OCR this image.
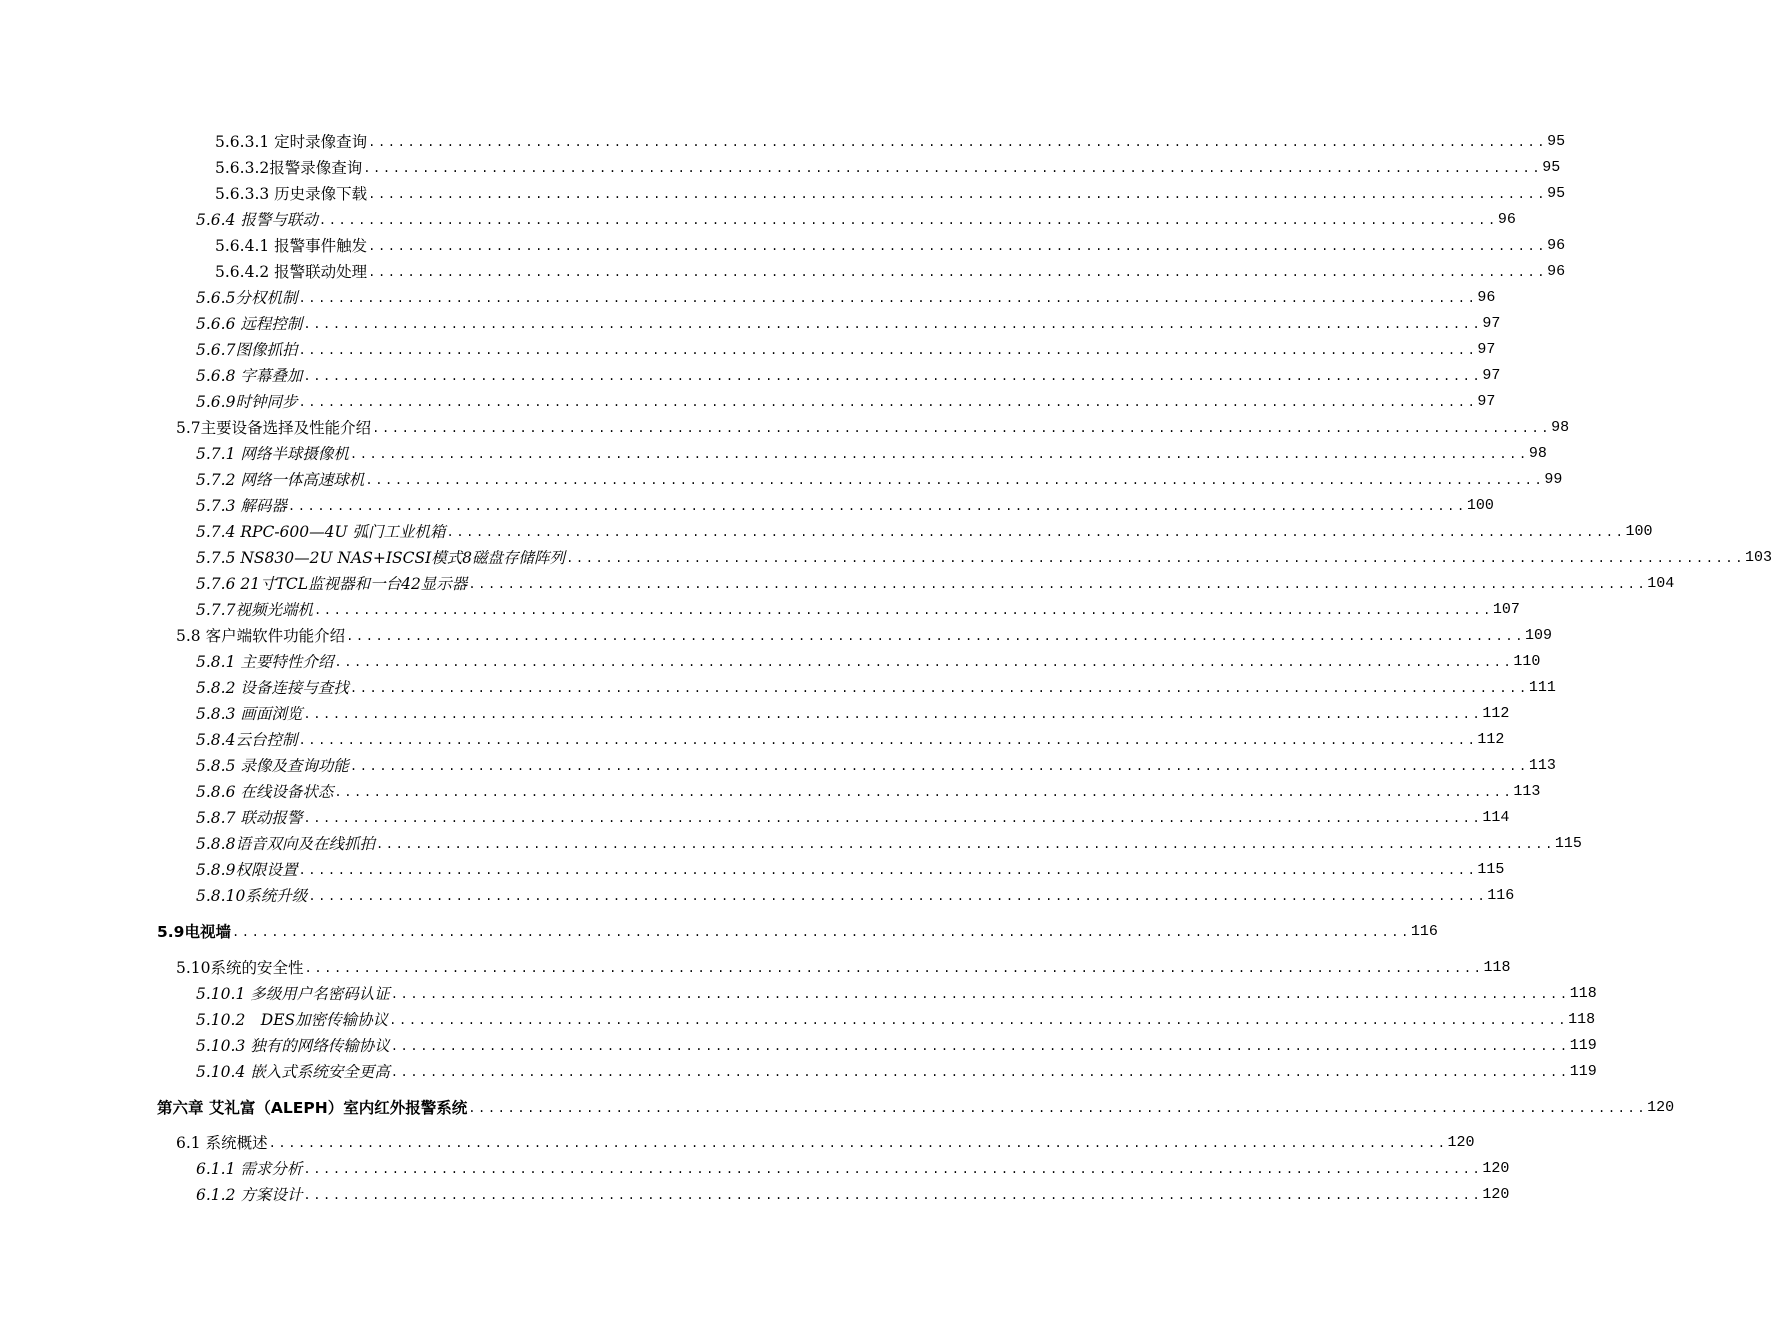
5.6.3.1 定时录像查询 ........................................................................................................................ 95
5.6.3.2报警录像查询 ........................................................................................................................ 95
5.6.3.3 历史录像下载 ........................................................................................................................ 95
5.6.4 报警与联动 ........................................................................................................................ 96
5.6.4.1 报警事件触发 ........................................................................................................................ 96
5.6.4.2 报警联动处理 ........................................................................................................................ 96
5.6.5分权机制 ........................................................................................................................ 96
5.6.6 远程控制 ........................................................................................................................ 97
5.6.7图像抓拍 ........................................................................................................................ 97
5.6.8 字幕叠加 ........................................................................................................................ 97
5.6.9时钟同步 ........................................................................................................................ 97
5.7主要设备选择及性能介绍 ........................................................................................................................ 98
5.7.1 网络半球摄像机 ........................................................................................................................ 98
5.7.2 网络一体高速球机 ........................................................................................................................ 99
5.7.3 解码器 ........................................................................................................................ 100
5.7.4 RPC-600—4U 弧门工业机箱 ........................................................................................................................ 100
5.7.5 NS830—2U NAS+ISCSI模式8磁盘存储阵列 ........................................................................................................................ 103
5.7.6 21寸TCL监视器和一台42显示器 ........................................................................................................................ 104
5.7.7视频光端机 ........................................................................................................................ 107
5.8 客户端软件功能介绍 ........................................................................................................................ 109
5.8.1 主要特性介绍 ........................................................................................................................ 110
5.8.2 设备连接与查找 ........................................................................................................................ 111
5.8.3 画面浏览 ........................................................................................................................ 112
5.8.4云台控制 ........................................................................................................................ 112
5.8.5 录像及查询功能 ........................................................................................................................ 113
5.8.6 在线设备状态 ........................................................................................................................ 113
5.8.7 联动报警 ........................................................................................................................ 114
5.8.8语音双向及在线抓拍 ........................................................................................................................ 115
5.8.9权限设置 ........................................................................................................................ 115
5.8.10系统升级 ........................................................................................................................ 116
5.9电视墙 ........................................................................................................................ 116
5.10系统的安全性 ........................................................................................................................ 118
5.10.1 多级用户名密码认证 ........................................................................................................................ 118
5.10.2　DES加密传输协议 ........................................................................................................................ 118
5.10.3 独有的网络传输协议 ........................................................................................................................ 119
5.10.4 嵌入式系统安全更高 ........................................................................................................................ 119
第六章 艾礼富（ALEPH）室内红外报警系统 ........................................................................................................................ 120
6.1 系统概述 ........................................................................................................................ 120
6.1.1 需求分析 ........................................................................................................................ 120
6.1.2 方案设计 ........................................................................................................................ 120
